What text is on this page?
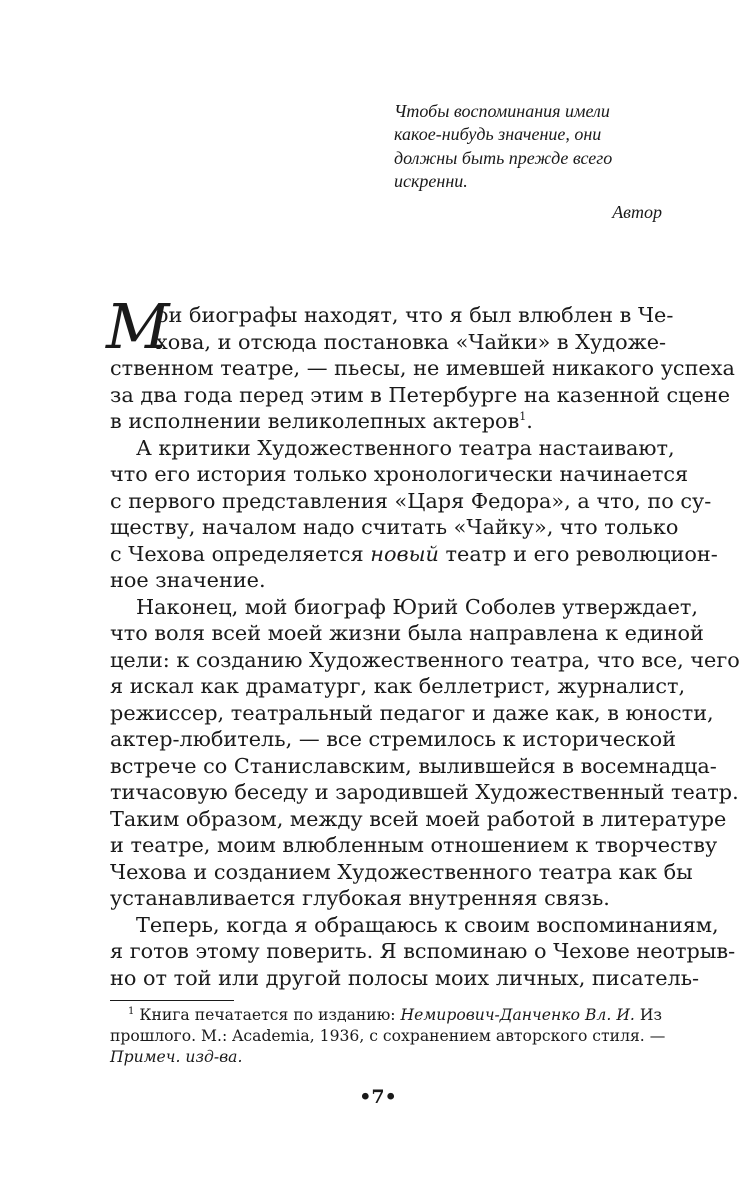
Чтобы воспоминания имели
какое-нибудь значение, они
должны быть прежде всего
искренни.
Автор
М
ои биографы находят, что я был влюблен в Че-
хова, и отсюда постановка «Чайки» в Художе-
ственном театре, — пьесы, не имевшей никакого успеха
за два года перед этим в Петербурге на казенной сцене
в исполнении великолепных актеров$^1$.
А критики Художественного театра настаивают,
что его история только хронологически начинается
с первого представления «Царя Федора», а что, по су-
ществу, началом надо считать «Чайку», что только
с Чехова определяется новый театр и его революцион-
ное значение.
Наконец, мой биограф Юрий Соболев утверждает,
что воля всей моей жизни была направлена к единой
цели: к созданию Художественного театра, что все, чего
я искал как драматург, как беллетрист, журналист,
режиссер, театральный педагог и даже как, в юности,
актер-любитель, — все стремилось к исторической
встрече со Станиславским, вылившейся в восемнадца-
тичасовую беседу и зародившей Художественный театр.
Таким образом, между всей моей работой в литературе
и театре, моим влюбленным отношением к творчеству
Чехова и созданием Художественного театра как бы
устанавливается глубокая внутренняя связь.
Теперь, когда я обращаюсь к своим воспоминаниям,
я готов этому поверить. Я вспоминаю о Чехове неотрыв-
но от той или другой полосы моих личных, писатель-
$^1$ Книга печатается по изданию: Немирович-Данченко Вл. И. Из
прошлого. М.: Academia, 1936, с сохранением авторского стиля. —
Примеч. изд-ва.
•7•
